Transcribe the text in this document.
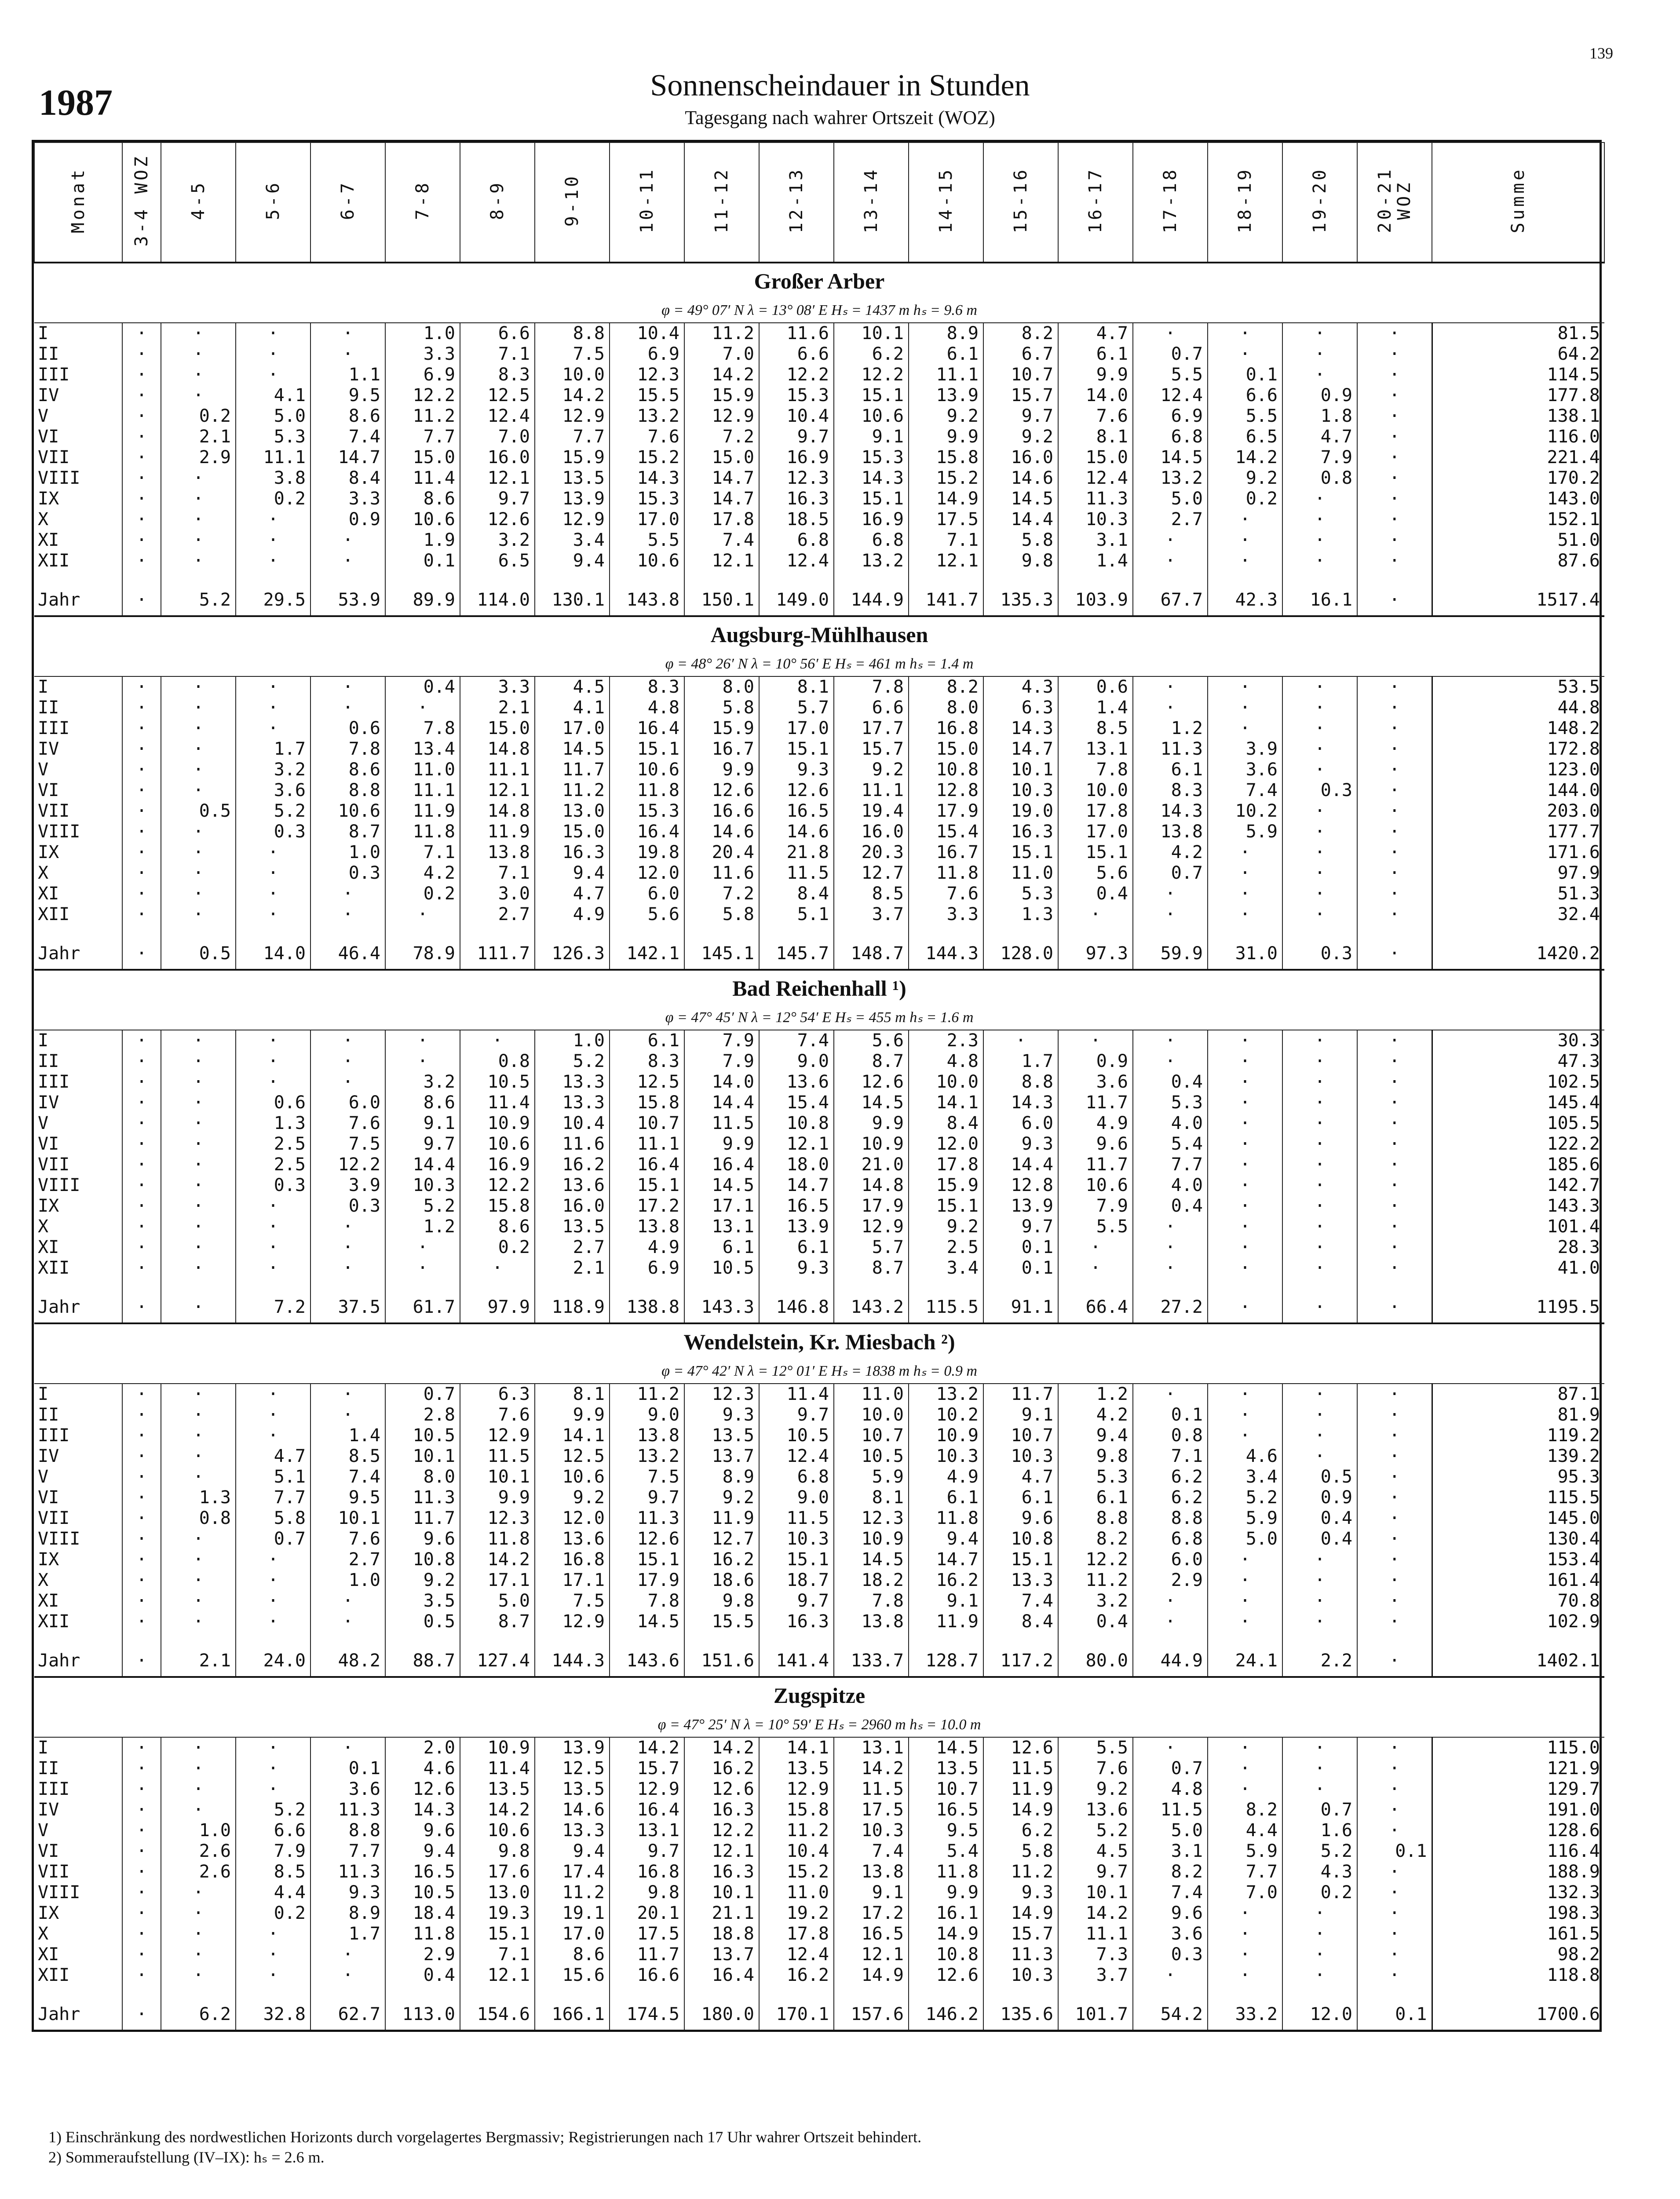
139
1987	Sonnenscheindauer in Stunden
Tagesgang nach wahrer Ortszeit (WOZ)
Monat	3-4 WOZ	4-5	5-6	6-7	7-8	8-9	9-10	10-11	11-12	12-13	13-14	14-15	15-16	16-17	17-18	18-19	19-20	20-21 WOZ	Summe
Großer Arber																			
φ = 49° 07′ N λ = 13° 08′ E Hₛ = 1437 m hₛ = 9.6 m																			
I	·	·	·	·	1.0	6.6	8.8	10.4	11.2	11.6	10.1	8.9	8.2	4.7	·	·	·	·	81.5
II	·	·	·	·	3.3	7.1	7.5	6.9	7.0	6.6	6.2	6.1	6.7	6.1	0.7	·	·	·	64.2
III	·	·	·	1.1	6.9	8.3	10.0	12.3	14.2	12.2	12.2	11.1	10.7	9.9	5.5	0.1	·	·	114.5
IV	·	·	4.1	9.5	12.2	12.5	14.2	15.5	15.9	15.3	15.1	13.9	15.7	14.0	12.4	6.6	0.9	·	177.8
V	·	0.2	5.0	8.6	11.2	12.4	12.9	13.2	12.9	10.4	10.6	9.2	9.7	7.6	6.9	5.5	1.8	·	138.1
VI	·	2.1	5.3	7.4	7.7	7.0	7.7	7.6	7.2	9.7	9.1	9.9	9.2	8.1	6.8	6.5	4.7	·	116.0
VII	·	2.9	11.1	14.7	15.0	16.0	15.9	15.2	15.0	16.9	15.3	15.8	16.0	15.0	14.5	14.2	7.9	·	221.4
VIII	·	·	3.8	8.4	11.4	12.1	13.5	14.3	14.7	12.3	14.3	15.2	14.6	12.4	13.2	9.2	0.8	·	170.2
IX	·	·	0.2	3.3	8.6	9.7	13.9	15.3	14.7	16.3	15.1	14.9	14.5	11.3	5.0	0.2	·	·	143.0
X	·	·	·	0.9	10.6	12.6	12.9	17.0	17.8	18.5	16.9	17.5	14.4	10.3	2.7	·	·	·	152.1
XI	·	·	·	·	1.9	3.2	3.4	5.5	7.4	6.8	6.8	7.1	5.8	3.1	·	·	·	·	51.0
XII	·	·	·	·	0.1	6.5	9.4	10.6	12.1	12.4	13.2	12.1	9.8	1.4	·	·	·	·	87.6

Jahr	·	5.2	29.5	53.9	89.9	114.0	130.1	143.8	150.1	149.0	144.9	141.7	135.3	103.9	67.7	42.3	16.1	·	1517.4
Augsburg-Mühlhausen																			
φ = 48° 26′ N λ = 10° 56′ E Hₛ = 461 m hₛ = 1.4 m																			
I	·	·	·	·	0.4	3.3	4.5	8.3	8.0	8.1	7.8	8.2	4.3	0.6	·	·	·	·	53.5
II	·	·	·	·	·	2.1	4.1	4.8	5.8	5.7	6.6	8.0	6.3	1.4	·	·	·	·	44.8
III	·	·	·	0.6	7.8	15.0	17.0	16.4	15.9	17.0	17.7	16.8	14.3	8.5	1.2	·	·	·	148.2
IV	·	·	1.7	7.8	13.4	14.8	14.5	15.1	16.7	15.1	15.7	15.0	14.7	13.1	11.3	3.9	·	·	172.8
V	·	·	3.2	8.6	11.0	11.1	11.7	10.6	9.9	9.3	9.2	10.8	10.1	7.8	6.1	3.6	·	·	123.0
VI	·	·	3.6	8.8	11.1	12.1	11.2	11.8	12.6	12.6	11.1	12.8	10.3	10.0	8.3	7.4	0.3	·	144.0
VII	·	0.5	5.2	10.6	11.9	14.8	13.0	15.3	16.6	16.5	19.4	17.9	19.0	17.8	14.3	10.2	·	·	203.0
VIII	·	·	0.3	8.7	11.8	11.9	15.0	16.4	14.6	14.6	16.0	15.4	16.3	17.0	13.8	5.9	·	·	177.7
IX	·	·	·	1.0	7.1	13.8	16.3	19.8	20.4	21.8	20.3	16.7	15.1	15.1	4.2	·	·	·	171.6
X	·	·	·	0.3	4.2	7.1	9.4	12.0	11.6	11.5	12.7	11.8	11.0	5.6	0.7	·	·	·	97.9
XI	·	·	·	·	0.2	3.0	4.7	6.0	7.2	8.4	8.5	7.6	5.3	0.4	·	·	·	·	51.3
XII	·	·	·	·	·	2.7	4.9	5.6	5.8	5.1	3.7	3.3	1.3	·	·	·	·	·	32.4

Jahr	·	0.5	14.0	46.4	78.9	111.7	126.3	142.1	145.1	145.7	148.7	144.3	128.0	97.3	59.9	31.0	0.3	·	1420.2
Bad Reichenhall ¹)																			
φ = 47° 45′ N λ = 12° 54′ E Hₛ = 455 m hₛ = 1.6 m																			
I	·	·	·	·	·	·	1.0	6.1	7.9	7.4	5.6	2.3	·	·	·	·	·	·	30.3
II	·	·	·	·	·	0.8	5.2	8.3	7.9	9.0	8.7	4.8	1.7	0.9	·	·	·	·	47.3
III	·	·	·	·	3.2	10.5	13.3	12.5	14.0	13.6	12.6	10.0	8.8	3.6	0.4	·	·	·	102.5
IV	·	·	0.6	6.0	8.6	11.4	13.3	15.8	14.4	15.4	14.5	14.1	14.3	11.7	5.3	·	·	·	145.4
V	·	·	1.3	7.6	9.1	10.9	10.4	10.7	11.5	10.8	9.9	8.4	6.0	4.9	4.0	·	·	·	105.5
VI	·	·	2.5	7.5	9.7	10.6	11.6	11.1	9.9	12.1	10.9	12.0	9.3	9.6	5.4	·	·	·	122.2
VII	·	·	2.5	12.2	14.4	16.9	16.2	16.4	16.4	18.0	21.0	17.8	14.4	11.7	7.7	·	·	·	185.6
VIII	·	·	0.3	3.9	10.3	12.2	13.6	15.1	14.5	14.7	14.8	15.9	12.8	10.6	4.0	·	·	·	142.7
IX	·	·	·	0.3	5.2	15.8	16.0	17.2	17.1	16.5	17.9	15.1	13.9	7.9	0.4	·	·	·	143.3
X	·	·	·	·	1.2	8.6	13.5	13.8	13.1	13.9	12.9	9.2	9.7	5.5	·	·	·	·	101.4
XI	·	·	·	·	·	0.2	2.7	4.9	6.1	6.1	5.7	2.5	0.1	·	·	·	·	·	28.3
XII	·	·	·	·	·	·	2.1	6.9	10.5	9.3	8.7	3.4	0.1	·	·	·	·	·	41.0

Jahr	·	·	7.2	37.5	61.7	97.9	118.9	138.8	143.3	146.8	143.2	115.5	91.1	66.4	27.2	·	·	·	1195.5
Wendelstein, Kr. Miesbach ²)																			
φ = 47° 42′ N λ = 12° 01′ E Hₛ = 1838 m hₛ = 0.9 m																			
I	·	·	·	·	0.7	6.3	8.1	11.2	12.3	11.4	11.0	13.2	11.7	1.2	·	·	·	·	87.1
II	·	·	·	·	2.8	7.6	9.9	9.0	9.3	9.7	10.0	10.2	9.1	4.2	0.1	·	·	·	81.9
III	·	·	·	1.4	10.5	12.9	14.1	13.8	13.5	10.5	10.7	10.9	10.7	9.4	0.8	·	·	·	119.2
IV	·	·	4.7	8.5	10.1	11.5	12.5	13.2	13.7	12.4	10.5	10.3	10.3	9.8	7.1	4.6	·	·	139.2
V	·	·	5.1	7.4	8.0	10.1	10.6	7.5	8.9	6.8	5.9	4.9	4.7	5.3	6.2	3.4	0.5	·	95.3
VI	·	1.3	7.7	9.5	11.3	9.9	9.2	9.7	9.2	9.0	8.1	6.1	6.1	6.1	6.2	5.2	0.9	·	115.5
VII	·	0.8	5.8	10.1	11.7	12.3	12.0	11.3	11.9	11.5	12.3	11.8	9.6	8.8	8.8	5.9	0.4	·	145.0
VIII	·	·	0.7	7.6	9.6	11.8	13.6	12.6	12.7	10.3	10.9	9.4	10.8	8.2	6.8	5.0	0.4	·	130.4
IX	·	·	·	2.7	10.8	14.2	16.8	15.1	16.2	15.1	14.5	14.7	15.1	12.2	6.0	·	·	·	153.4
X	·	·	·	1.0	9.2	17.1	17.1	17.9	18.6	18.7	18.2	16.2	13.3	11.2	2.9	·	·	·	161.4
XI	·	·	·	·	3.5	5.0	7.5	7.8	9.8	9.7	7.8	9.1	7.4	3.2	·	·	·	·	70.8
XII	·	·	·	·	0.5	8.7	12.9	14.5	15.5	16.3	13.8	11.9	8.4	0.4	·	·	·	·	102.9

Jahr	·	2.1	24.0	48.2	88.7	127.4	144.3	143.6	151.6	141.4	133.7	128.7	117.2	80.0	44.9	24.1	2.2	·	1402.1
Zugspitze																			
φ = 47° 25′ N λ = 10° 59′ E Hₛ = 2960 m hₛ = 10.0 m																			
I	·	·	·	·	2.0	10.9	13.9	14.2	14.2	14.1	13.1	14.5	12.6	5.5	·	·	·	·	115.0
II	·	·	·	0.1	4.6	11.4	12.5	15.7	16.2	13.5	14.2	13.5	11.5	7.6	0.7	·	·	·	121.9
III	·	·	·	3.6	12.6	13.5	13.5	12.9	12.6	12.9	11.5	10.7	11.9	9.2	4.8	·	·	·	129.7
IV	·	·	5.2	11.3	14.3	14.2	14.6	16.4	16.3	15.8	17.5	16.5	14.9	13.6	11.5	8.2	0.7	·	191.0
V	·	1.0	6.6	8.8	9.6	10.6	13.3	13.1	12.2	11.2	10.3	9.5	6.2	5.2	5.0	4.4	1.6	·	128.6
VI	·	2.6	7.9	7.7	9.4	9.8	9.4	9.7	12.1	10.4	7.4	5.4	5.8	4.5	3.1	5.9	5.2	0.1	116.4
VII	·	2.6	8.5	11.3	16.5	17.6	17.4	16.8	16.3	15.2	13.8	11.8	11.2	9.7	8.2	7.7	4.3	·	188.9
VIII	·	·	4.4	9.3	10.5	13.0	11.2	9.8	10.1	11.0	9.1	9.9	9.3	10.1	7.4	7.0	0.2	·	132.3
IX	·	·	0.2	8.9	18.4	19.3	19.1	20.1	21.1	19.2	17.2	16.1	14.9	14.2	9.6	·	·	·	198.3
X	·	·	·	1.7	11.8	15.1	17.0	17.5	18.8	17.8	16.5	14.9	15.7	11.1	3.6	·	·	·	161.5
XI	·	·	·	·	2.9	7.1	8.6	11.7	13.7	12.4	12.1	10.8	11.3	7.3	0.3	·	·	·	98.2
XII	·	·	·	·	0.4	12.1	15.6	16.6	16.4	16.2	14.9	12.6	10.3	3.7	·	·	·	·	118.8

Jahr	·	6.2	32.8	62.7	113.0	154.6	166.1	174.5	180.0	170.1	157.6	146.2	135.6	101.7	54.2	33.2	12.0	0.1	1700.6
1) Einschränkung des nordwestlichen Horizonts durch vorgelagertes Bergmassiv; Registrierungen nach 17 Uhr wahrer Ortszeit behindert.
2) Sommeraufstellung (IV–IX): hₛ = 2.6 m.
